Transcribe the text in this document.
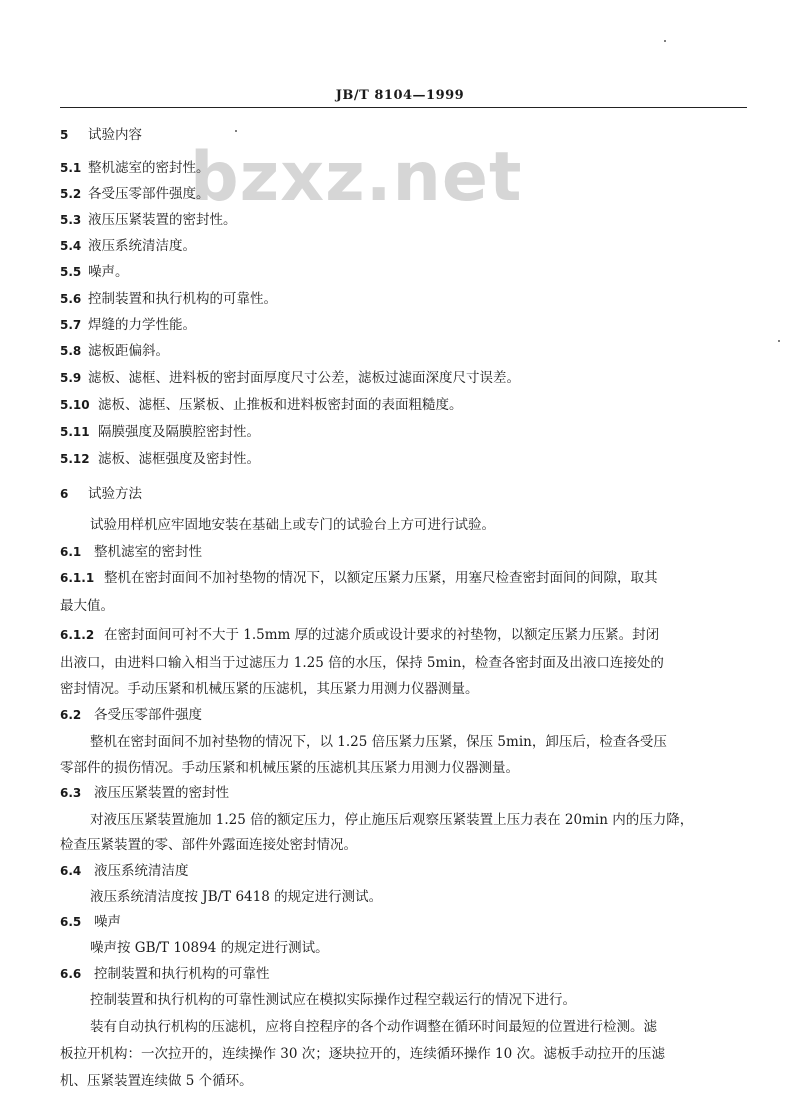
bzxz.net
JB/T 8104—1999
5 试验内容
5.1 整机滤室的密封性。
5.2 各受压零部件强度。
5.3 液压压紧装置的密封性。
5.4 液压系统清洁度。
5.5 噪声。
5.6 控制装置和执行机构的可靠性。
5.7 焊缝的力学性能。
5.8 滤板距偏斜。
5.9 滤板、滤框、进料板的密封面厚度尺寸公差，滤板过滤面深度尺寸误差。
5.10 滤板、滤框、压紧板、止推板和进料板密封面的表面粗糙度。
5.11 隔膜强度及隔膜腔密封性。
5.12 滤板、滤框强度及密封性。
6 试验方法
试验用样机应牢固地安装在基础上或专门的试验台上方可进行试验。
6.1 整机滤室的密封性
6.1.1 整机在密封面间不加衬垫物的情况下，以额定压紧力压紧，用塞尺检查密封面间的间隙，取其
最大值。
6.1.2 在密封面间可衬不大于 1.5mm 厚的过滤介质或设计要求的衬垫物，以额定压紧力压紧。封闭
出液口，由进料口输入相当于过滤压力 1.25 倍的水压，保持 5min，检查各密封面及出液口连接处的
密封情况。手动压紧和机械压紧的压滤机，其压紧力用测力仪器测量。
6.2 各受压零部件强度
整机在密封面间不加衬垫物的情况下，以 1.25 倍压紧力压紧，保压 5min，卸压后，检查各受压
零部件的损伤情况。手动压紧和机械压紧的压滤机其压紧力用测力仪器测量。
6.3 液压压紧装置的密封性
对液压压紧装置施加 1.25 倍的额定压力，停止施压后观察压紧装置上压力表在 20min 内的压力降，
检查压紧装置的零、部件外露面连接处密封情况。
6.4 液压系统清洁度
液压系统清洁度按 JB/T 6418 的规定进行测试。
6.5 噪声
噪声按 GB/T 10894 的规定进行测试。
6.6 控制装置和执行机构的可靠性
控制装置和执行机构的可靠性测试应在模拟实际操作过程空载运行的情况下进行。
装有自动执行机构的压滤机，应将自控程序的各个动作调整在循环时间最短的位置进行检测。滤
板拉开机构：一次拉开的，连续操作 30 次；逐块拉开的，连续循环操作 10 次。滤板手动拉开的压滤
机、压紧装置连续做 5 个循环。
